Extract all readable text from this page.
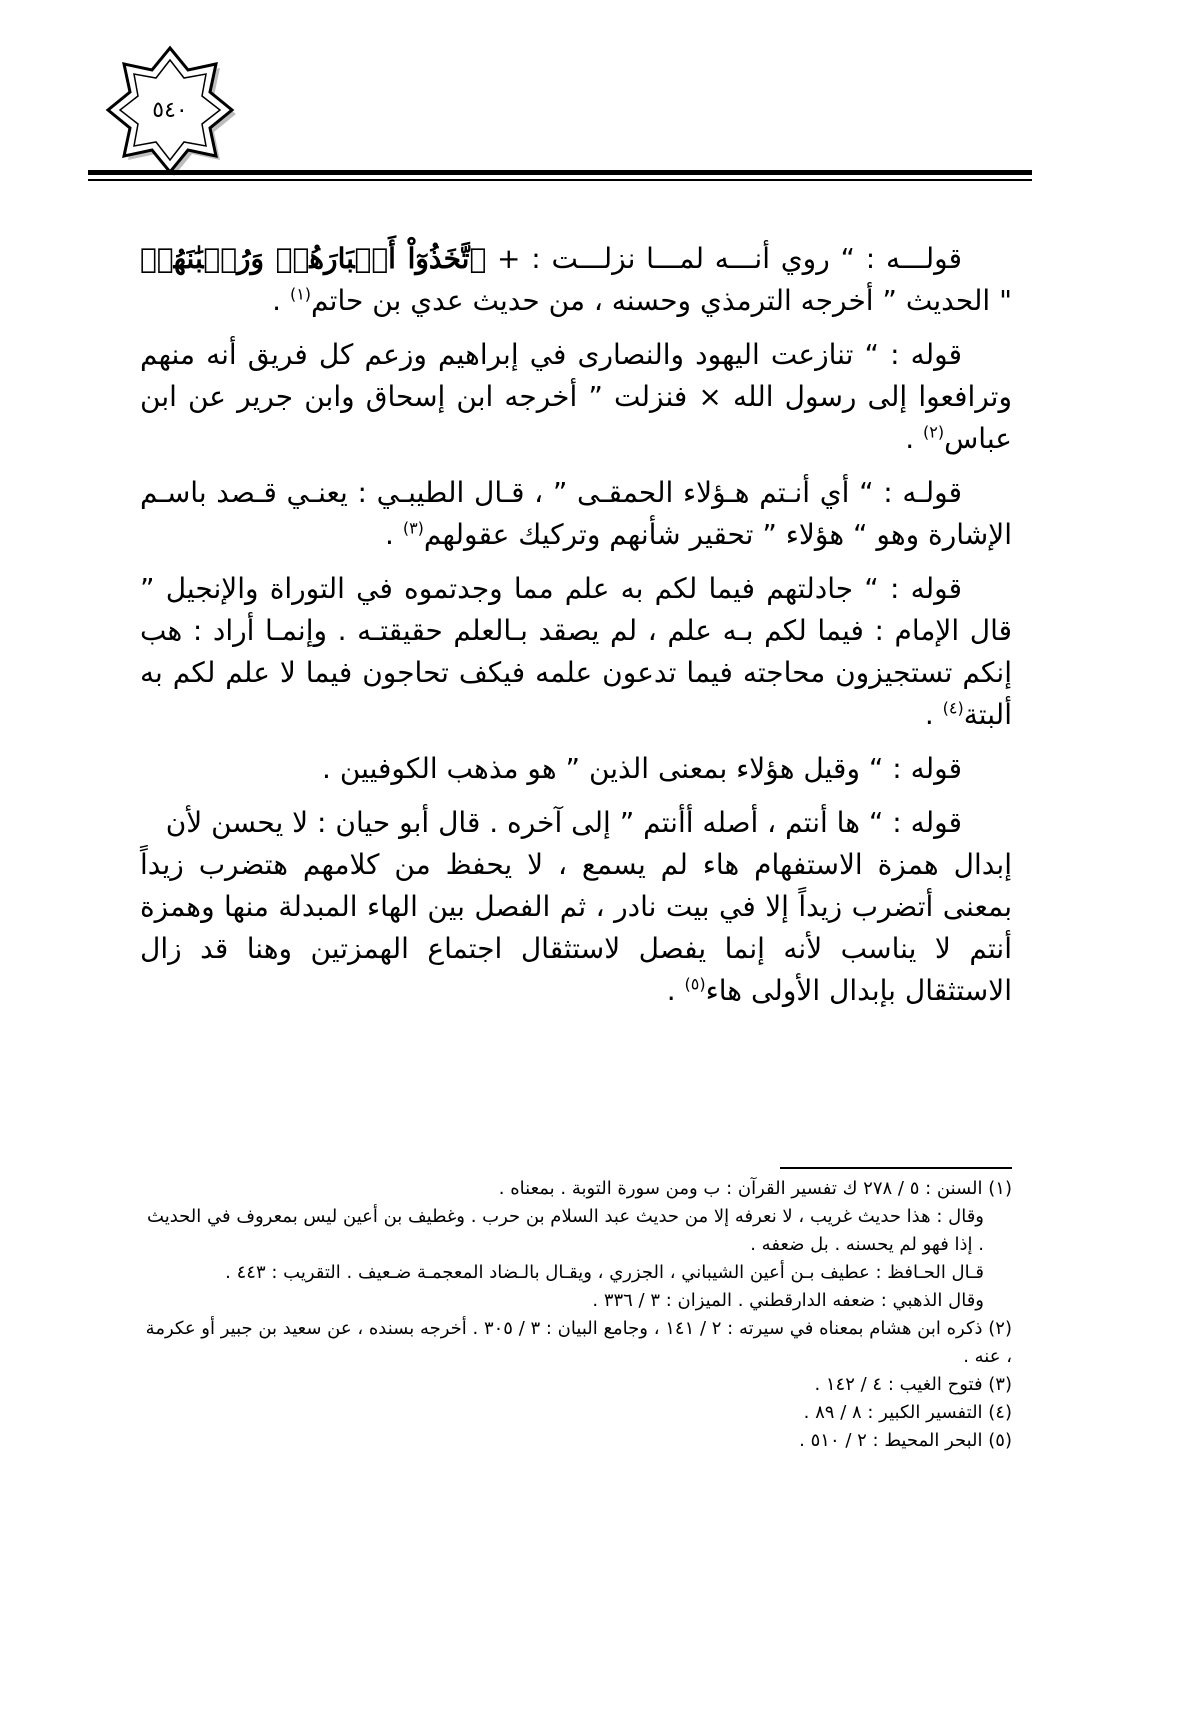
٥٤٠

قولـــه : “ روي أنـــه لمـــا نزلـــت : + ٱتَّخَذُوٓاْ أَحۡبَارَهُمۡ وَرُهۡبَٰنَهُمۡ " الحديث ” أخرجه الترمذي وحسنه ، من حديث عدي بن حاتم$^{(١)}$ .

قوله : “ تنازعت اليهود والنصارى في إبراهيم وزعم كل فريق أنه منهم وترافعوا إلى رسول الله × فنزلت ” أخرجه ابن إسحاق وابن جرير عن ابن عباس$^{(٢)}$ .

قولـه : “ أي أنـتم هـؤلاء الحمقـى ” ، قـال الطيبـي : يعنـي قـصد باسـم الإشارة وهو “ هؤلاء ” تحقير شأنهم وتركيك عقولهم$^{(٣)}$ .

قوله : “ جادلتهم فيما لكم به علم مما وجدتموه في التوراة والإنجيل ” قال الإمام : فيما لكم بـه علم ، لم يصقد بـالعلم حقيقتـه . وإنمـا أراد : هب إنكم تستجيزون محاجته فيما تدعون علمه فيكف تحاجون فيما لا علم لكم به ألبتة$^{(٤)}$ .

قوله : “ وقيل هؤلاء بمعنى الذين ” هو مذهب الكوفيين .

قوله : “ ها أنتم ، أصله أأنتم ” إلى آخره . قال أبو حيان : لا يحسن لأن

إبدال همزة الاستفهام هاء لم يسمع ، لا يحفظ من كلامهم هتضرب زيداً بمعنى أتضرب زيداً إلا في بيت نادر ، ثم الفصل بين الهاء المبدلة منها وهمزة أنتم لا يناسب لأنه إنما يفصل لاستثقال اجتماع الهمزتين وهنا قد زال الاستثقال بإبدال الأولى هاء$^{(٥)}$ .

(١) السنن : ٥ / ٢٧٨ ك تفسير القرآن : ب ومن سورة التوبة . بمعناه .
وقال : هذا حديث غريب ، لا نعرفه إلا من حديث عبد السلام بن حرب . وغطيف بن أعين ليس بمعروف في الحديث . إذا فهو لم يحسنه . بل ضعفه .
قـال الحـافظ : عطيف بـن أعين الشيباني ، الجزري ، ويقـال بالـضاد المعجمـة ضـعيف . التقريب : ٤٤٣ .
وقال الذهبي : ضعفه الدارقطني . الميزان : ٣ / ٣٣٦ .
(٢) ذكره ابن هشام بمعناه في سيرته : ٢ / ١٤١ ، وجامع البيان : ٣ / ٣٠٥ . أخرجه بسنده ، عن سعيد بن جبير أو عكرمة ، عنه .
(٣) فتوح الغيب : ٤ / ١٤٢ .
(٤) التفسير الكبير : ٨ / ٨٩ .
(٥) البحر المحيط : ٢ / ٥١٠ .
